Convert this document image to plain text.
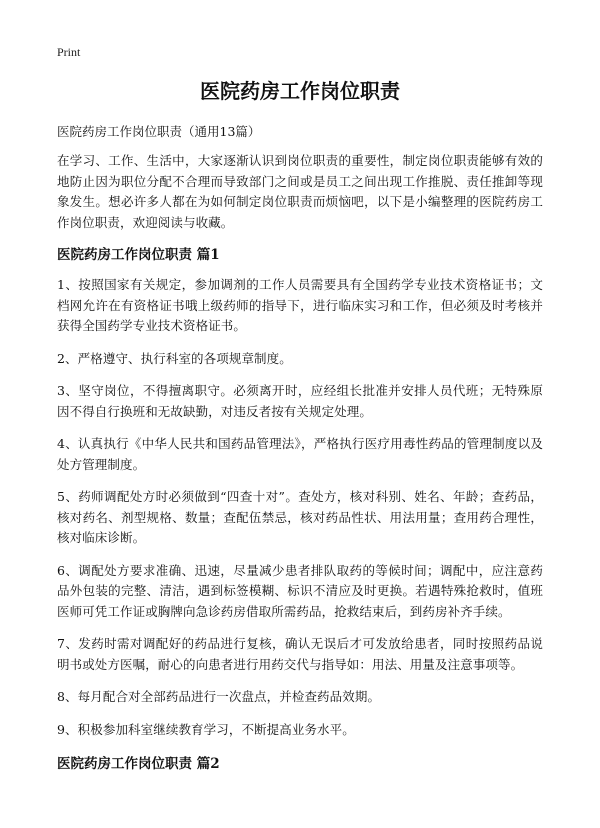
Print
医院药房工作岗位职责
医院药房工作岗位职责（通用13篇）

在学习、工作、生活中，大家逐渐认识到岗位职责的重要性，制定岗位职责能够有效的地防止因为职位分配不合理而导致部门之间或是员工之间出现工作推脱、责任推卸等现象发生。想必许多人都在为如何制定岗位职责而烦恼吧，以下是小编整理的医院药房工作岗位职责，欢迎阅读与收藏。

医院药房工作岗位职责 篇1

1、按照国家有关规定，参加调剂的工作人员需要具有全国药学专业技术资格证书；文档网允许在有资格证书哦上级药师的指导下，进行临床实习和工作，但必须及时考核并获得全国药学专业技术资格证书。

2、严格遵守、执行科室的各项规章制度。

3、坚守岗位，不得擅离职守。必须离开时，应经组长批准并安排人员代班；无特殊原因不得自行换班和无故缺勤，对违反者按有关规定处理。

4、认真执行《中华人民共和国药品管理法》，严格执行医疗用毒性药品的管理制度以及处方管理制度。

5、药师调配处方时必须做到“四查十对”。查处方，核对科别、姓名、年龄；查药品，核对药名、剂型规格、数量；查配伍禁忌，核对药品性状、用法用量；查用药合理性，核对临床诊断。

6、调配处方要求准确、迅速，尽量减少患者排队取药的等候时间；调配中，应注意药品外包装的完整、清洁，遇到标签模糊、标识不清应及时更换。若遇特殊抢救时，值班医师可凭工作证或胸牌向急诊药房借取所需药品，抢救结束后，到药房补齐手续。

7、发药时需对调配好的药品进行复核，确认无误后才可发放给患者，同时按照药品说明书或处方医嘱，耐心的向患者进行用药交代与指导如：用法、用量及注意事项等。

8、每月配合对全部药品进行一次盘点，并检查药品效期。

9、积极参加科室继续教育学习，不断提高业务水平。

医院药房工作岗位职责 篇2
